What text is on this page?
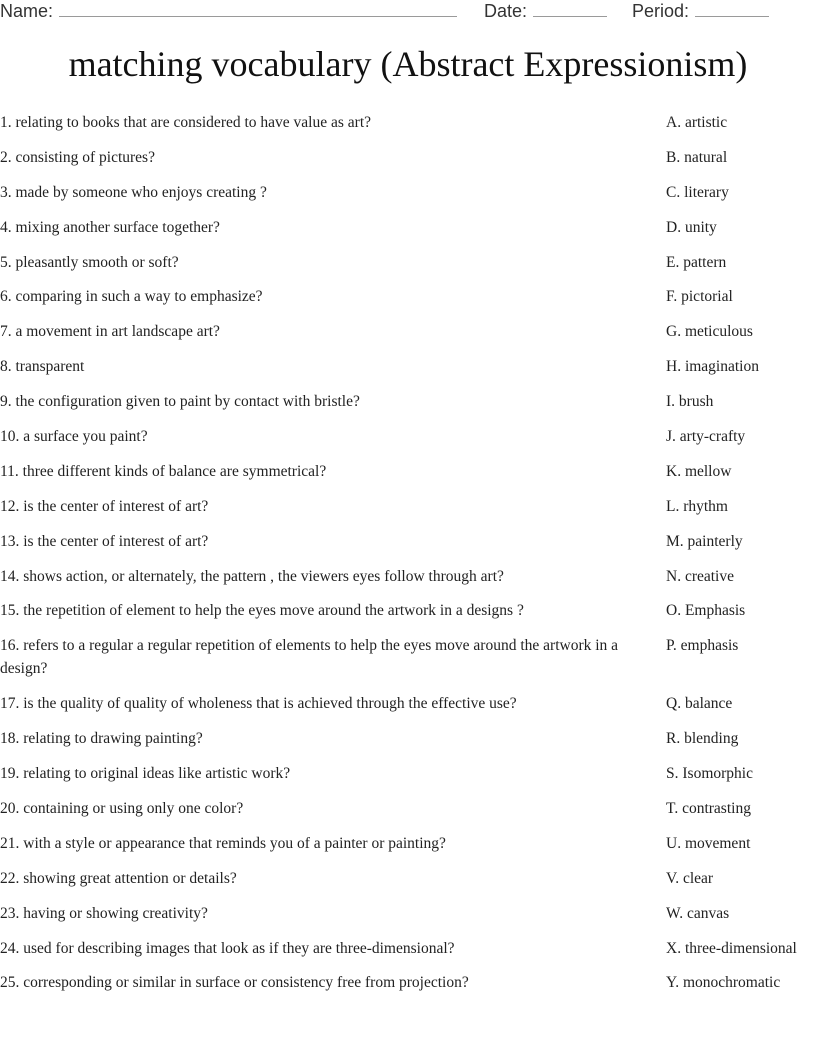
Name:	Date:	Period:
matching vocabulary (Abstract Expressionism)
1. relating to books that are considered to have value as art?	A. artistic
2. consisting of pictures?	B. natural
3. made by someone who enjoys creating ?	C. literary
4. mixing another surface together?	D. unity
5. pleasantly smooth or soft?	E. pattern
6. comparing in such a way to emphasize?	F. pictorial
7. a movement in art landscape art?	G. meticulous
8. transparent	H. imagination
9. the configuration given to paint by contact with bristle?	I. brush
10. a surface you paint?	J. arty-crafty
11. three different kinds of balance are symmetrical?	K. mellow
12. is the center of interest of art?	L. rhythm
13. is the center of interest of art?	M. painterly
14. shows action, or alternately, the pattern , the viewers eyes follow through art?	N. creative
15. the repetition of element to help the eyes move around the artwork in a designs ?	O. Emphasis
16. refers to a regular a regular repetition of elements to help the eyes move around the artwork in a design?
P. emphasis
17. is the quality of quality of wholeness that is achieved through the effective use?	Q. balance
18. relating to drawing painting?	R. blending
19. relating to original ideas like artistic work?	S. Isomorphic
20. containing or using only one color?	T. contrasting
21. with a style or appearance that reminds you of a painter or painting?	U. movement
22. showing great attention or details?	V. clear
23. having or showing creativity?	W. canvas
24. used for describing images that look as if they are three-dimensional?	X. three-dimensional
25. corresponding or similar in surface or consistency free from projection?	Y. monochromatic
